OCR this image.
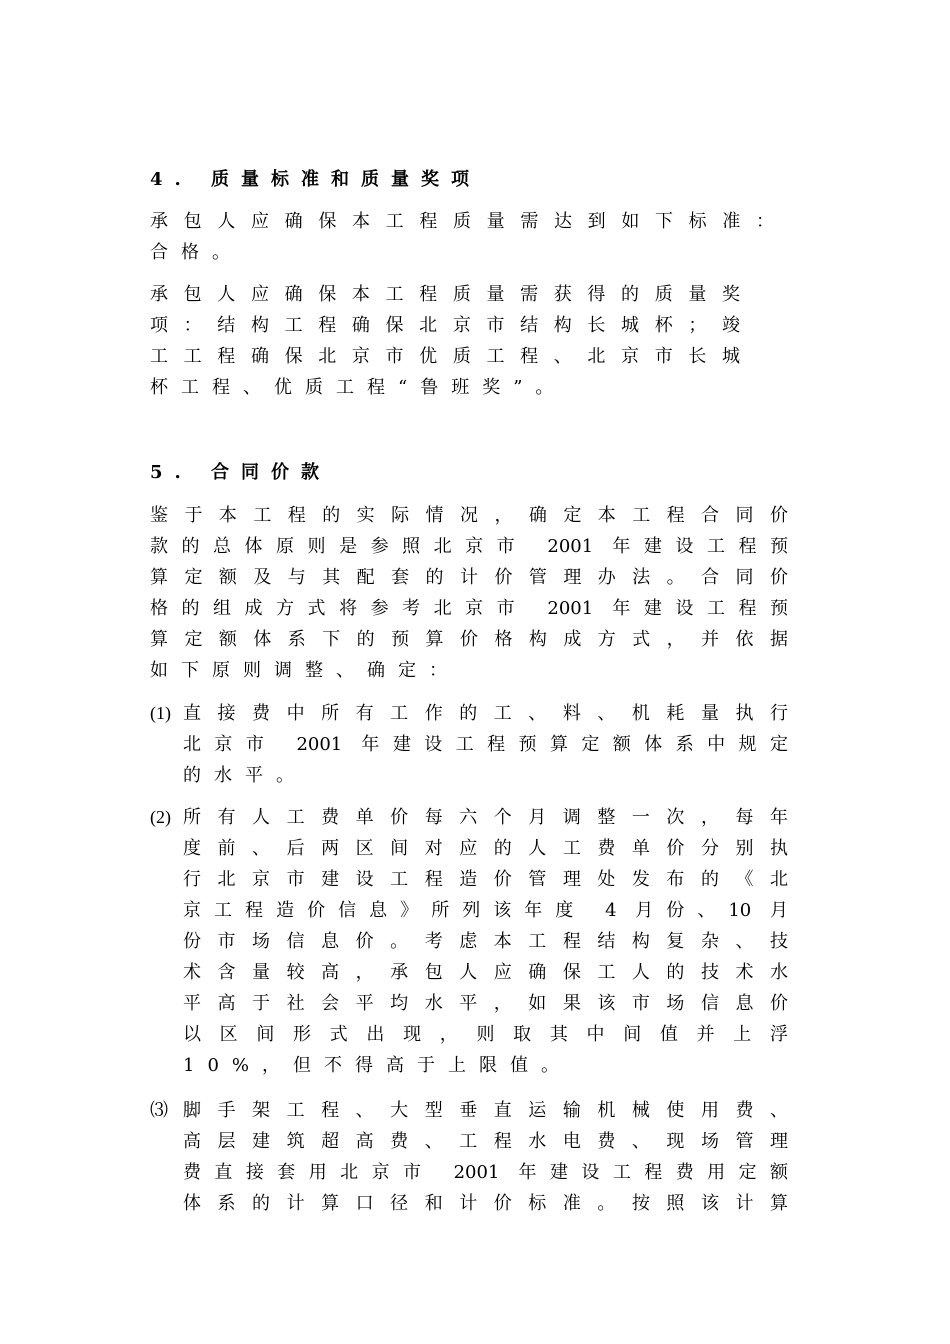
4. 质量标准和质量奖项
承包人应确保本工程质量需达到如下标准：
合格。
承包人应确保本工程质量需获得的质量奖
项：结构工程确保北京市结构长城杯；竣
工工程确保北京市优质工程、北京市长城
杯工程、优质工程“鲁班奖”。
5. 合同价款
鉴于本工程的实际情况，确定本工程合同价
款的总体原则是参照北京市 2001 年建设工程预
算定额及与其配套的计价管理办法。合同价
格的组成方式将参考北京市 2001 年建设工程预
算定额体系下的预算价格构成方式，并依据
如下原则调整、确定：
(1) 直接费中所有工作的工、料、机耗量执行
北京市 2001 年建设工程预算定额体系中规定
的水平。
(2) 所有人工费单价每六个月调整一次，每年
度前、后两区间对应的人工费单价分别执
行北京市建设工程造价管理处发布的《北
京工程造价信息》所列该年度 4 月份、10 月
份市场信息价。考虑本工程结构复杂、技
术含量较高，承包人应确保工人的技术水
平高于社会平均水平，如果该市场信息价
以区间形式出现，则取其中间值并上浮
10%，但不得高于上限值。
⑶ 脚手架工程、大型垂直运输机械使用费、
高层建筑超高费、工程水电费、现场管理
费直接套用北京市 2001 年建设工程费用定额
体系的计算口径和计价标准。按照该计算
